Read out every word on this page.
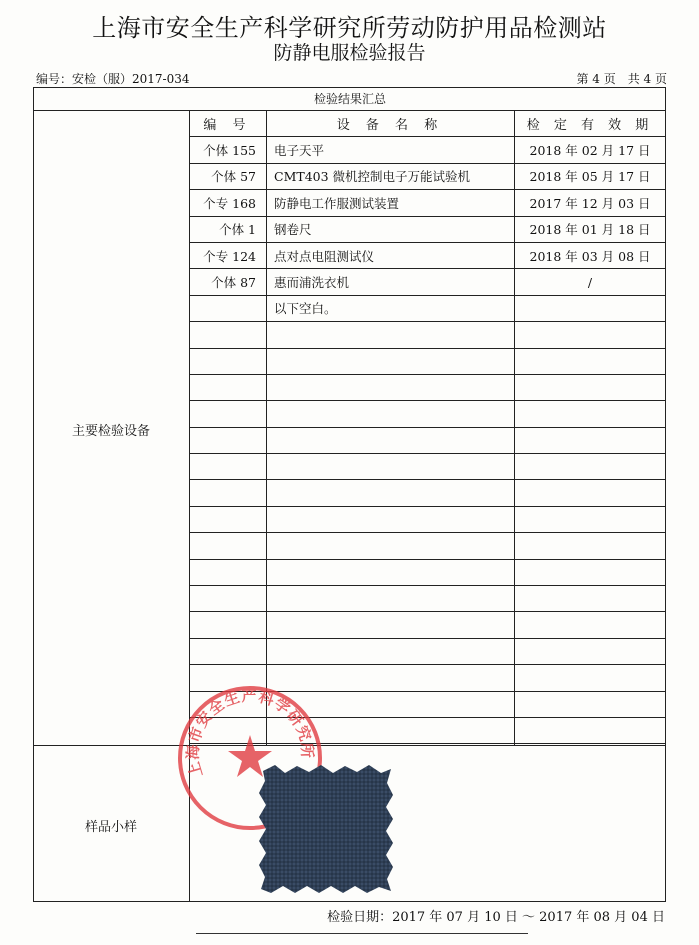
上海市安全生产科学研究所劳动防护用品检测站
防静电服检验报告
编号：安检（服）2017-034	第 4 页 共 4 页
检验结果汇总
主要检验设备
样品小样
编 号	设 备 名 称	检 定 有 效 期
个体 155	电子天平	2018 年 02 月 17 日
个体 57	CMT403 微机控制电子万能试验机	2018 年 05 月 17 日
个专 168	防静电工作服测试装置	2017 年 12 月 03 日
个体 1	钢卷尺	2018 年 01 月 18 日
个专 124	点对点电阻测试仪	2018 年 03 月 08 日
个体 87	惠而浦洗衣机	/
以下空白。
上海市安全生产科学研究所
检验日期：2017 年 07 月 10 日 ～ 2017 年 08 月 04 日
